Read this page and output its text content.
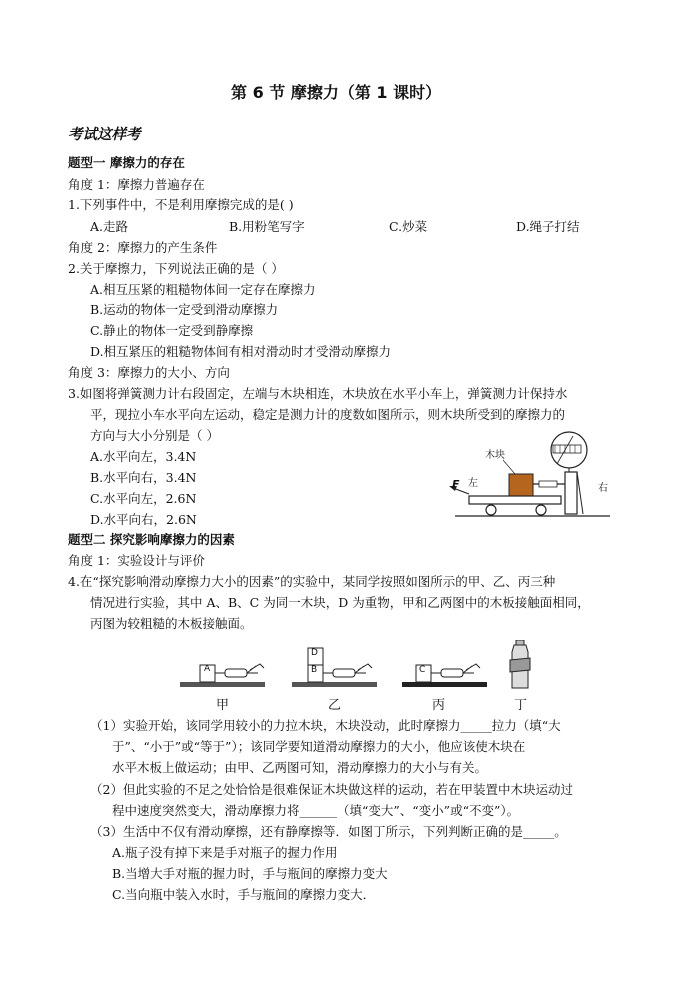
第 6 节 摩擦力（第 1 课时）
考试这样考
题型一 摩擦力的存在
角度 1：摩擦力普遍存在
1.下列事件中，不是利用摩擦完成的是( )
A.走路	B.用粉笔写字	C.炒菜	D.绳子打结
角度 2：摩擦力的产生条件
2.关于摩擦力，下列说法正确的是（ ）
A.相互压紧的粗糙物体间一定存在摩擦力
B.运动的物体一定受到滑动摩擦力
C.静止的物体一定受到静摩擦
D.相互紧压的粗糙物体间有相对滑动时才受滑动摩擦力
角度 3：摩擦力的大小、方向
3.如图将弹簧测力计右段固定，左端与木块相连，木块放在水平小车上，弹簧测力计保持水
平，现拉小车水平向左运动，稳定是测力计的度数如图所示，则木块所受到的摩擦力的
方向与大小分别是（ ）
A.水平向左，3.4N
B.水平向右，3.4N
C.水平向左，2.6N
D.水平向右，2.6N
木块
左	右
F
题型二 探究影响摩擦力的因素
角度 1：实验设计与评价
4.在“探究影响滑动摩擦力大小的因素”的实验中，某同学按照如图所示的甲、乙、丙三种
情况进行实验，其中 A、B、C 为同一木块，D 为重物，甲和乙两图中的木板接触面相同，
丙图为较粗糙的木板接触面。
A
D
B	C
甲	乙	丙	丁
（1）实验开始，该同学用较小的力拉木块，木块没动，此时摩擦力_____拉力（填“大
于”、“小于”或“等于”）；该同学要知道滑动摩擦力的大小，他应该使木块在
水平木板上做运动；由甲、乙两图可知，滑动摩擦力的大小与有关。
（2）但此实验的不足之处恰恰是很难保证木块做这样的运动，若在甲装置中木块运动过
程中速度突然变大，滑动摩擦力将______（填“变大”、“变小”或“不变”）。
（3）生活中不仅有滑动摩擦，还有静摩擦等．如图丁所示，下列判断正确的是_____。
A.瓶子没有掉下来是手对瓶子的握力作用
B.当增大手对瓶的握力时，手与瓶间的摩擦力变大
C.当向瓶中装入水时，手与瓶间的摩擦力变大．
